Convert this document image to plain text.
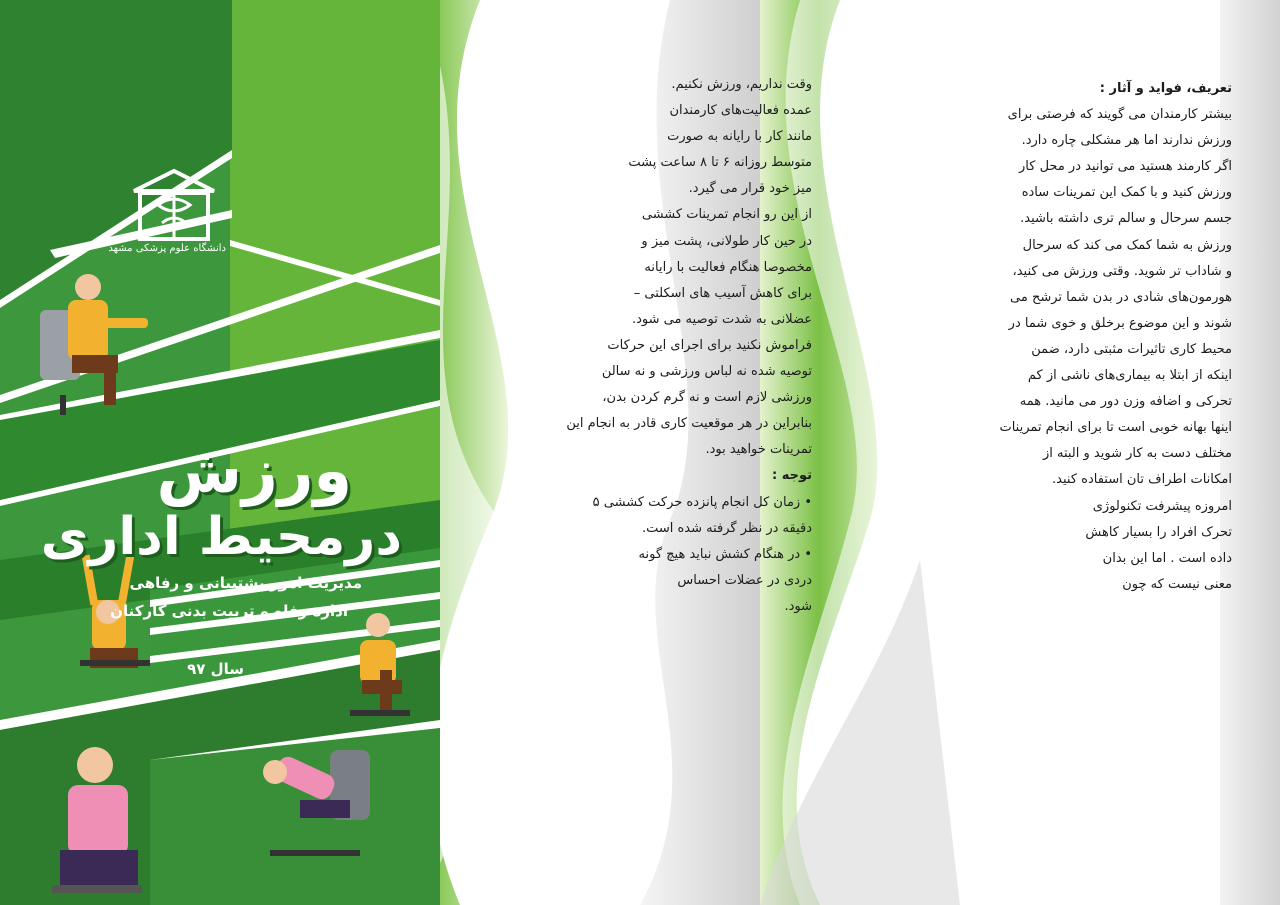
دانشگاه علوم پزشکی مشهد
ورزش
درمحیط اداری
مدیریت امور پشتیبانی و رفاهی
اداره رفاه و تربیت بدنی کارکنان
سال ۹۷

وقت نداریم، ورزش نکنیم.

عمده فعالیت‌های کارمندان

مانند کار با رایانه به صورت

متوسط روزانه ۶ تا ۸ ساعت پشت

میز خود قرار می گیرد.

از این رو انجام تمرینات کششی

در حین کار طولانی، پشت میز و

مخصوصا هنگام فعالیت با رایانه

برای کاهش آسیب های اسکلتی –

عضلانی به شدت توصیه می شود.

فراموش نکنید برای اجرای این حرکات

توصیه شده نه لباس ورزشی و نه سالن

ورزشی لازم است و نه گرم کردن بدن،

بنابراین در هر موقعیت کاری قادر به انجام این

تمرینات خواهید بود.

توجه :

• زمان کل انجام پانزده حرکت کششی ۵

دقیقه در نظر گرفته شده است.

• در هنگام کشش نباید هیچ گونه

دردی در عضلات احساس

شود.

تعریف، فواید و آثار :

بیشتر کارمندان می گویند که فرصتی برای

ورزش ندارند اما هر مشکلی چاره دارد.

اگر کارمند هستید می توانید در محل کار

ورزش کنید و با کمک این تمرینات ساده

جسم سرحال و سالم تری داشته باشید.

ورزش به شما کمک می کند که سرحال

و شاداب تر شوید. وقتی ورزش می کنید،

هورمون‌های شادی در بدن شما ترشح می

شوند و این موضوع برخلق و خوی شما در

محیط کاری تاثیرات مثبتی دارد، ضمن

اینکه از ابتلا به بیماری‌های ناشی از کم

تحرکی و اضافه وزن دور می مانید. همه

اینها بهانه خوبی است تا برای انجام تمرینات

مختلف دست به کار شوید و البته از

امکانات اطراف تان استفاده کنید.

امروزه پیشرفت تکنولوژی

تحرک افراد را بسیار کاهش

داده است . اما این بدان

معنی نیست که چون
